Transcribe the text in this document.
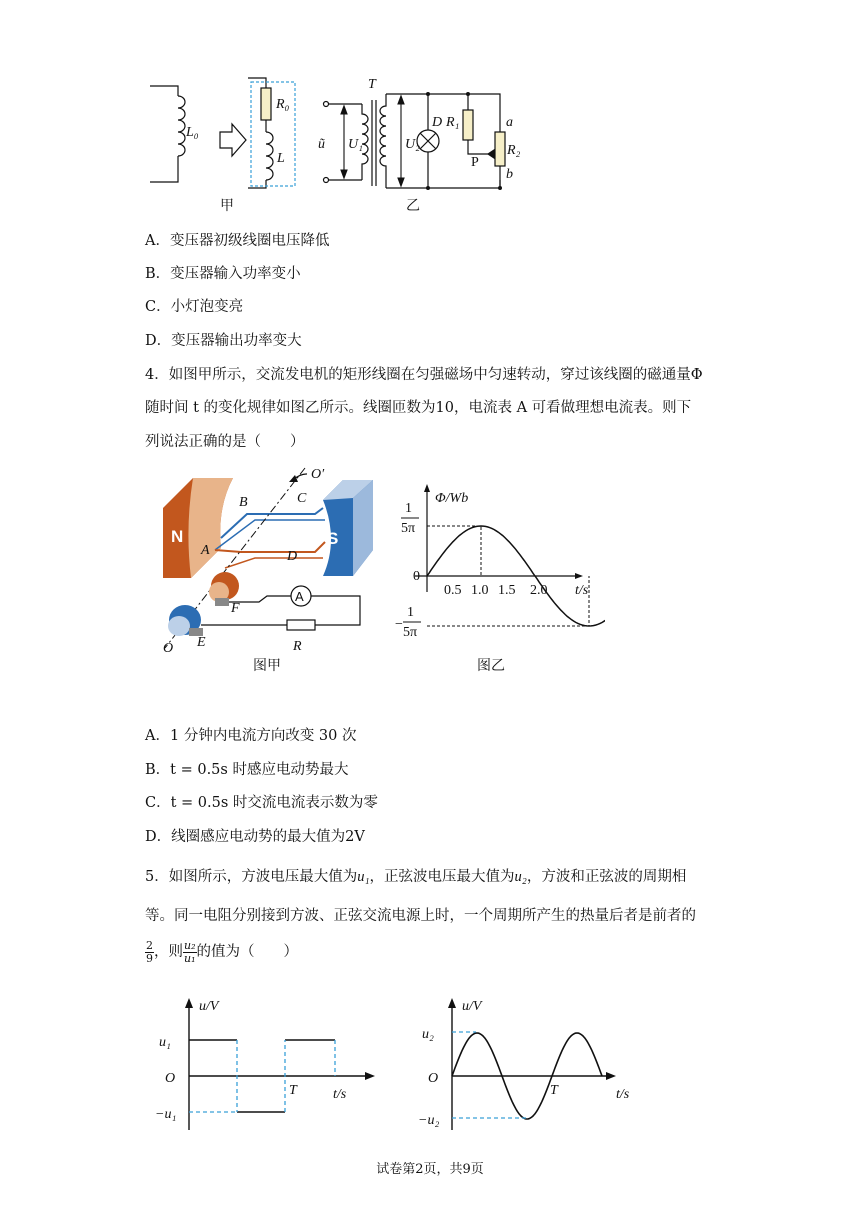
L₀
R₀
L
甲
T
ũ U₁	U₂
D R₁
P
R₂
a
b
乙
A．变压器初级线圈电压降低
B．变压器输入功率变小
C．小灯泡变亮
D．变压器输出功率变大
4．如图甲所示，交流发电机的矩形线圈在匀强磁场中匀速转动，穿过该线圈的磁通量Φ
随时间 t 的变化规律如图乙所示。线圈匝数为10，电流表 A 可看做理想电流表。则下
列说法正确的是（　　）
N	S
A
A
B	C
D
O′
F
E
O	R
图甲
Φ/Wb
t/s
1
5π
0
−
1
5π
0.5 1.0 1.5 2.0
图乙
A．1 分钟内电流方向改变 30 次
B．t = 0.5s 时感应电动势最大
C．t = 0.5s 时交流电流表示数为零
D．线圈感应电动势的最大值为2V
5．如图所示，方波电压最大值为u₁，正弦波电压最大值为u₂，方波和正弦波的周期相
等。同一电阻分别接到方波、正弦交流电源上时，一个周期所产生的热量后者是前者的
$\frac{2}{9}$ ，则 $\frac{\text{u₂}}{\text{u₁}}$ 的值为（　　）
u/V
u₁
O
−u₁
T	t/s
u/V
u₂
O
−u₂
T	t/s
试卷第2页，共9页
